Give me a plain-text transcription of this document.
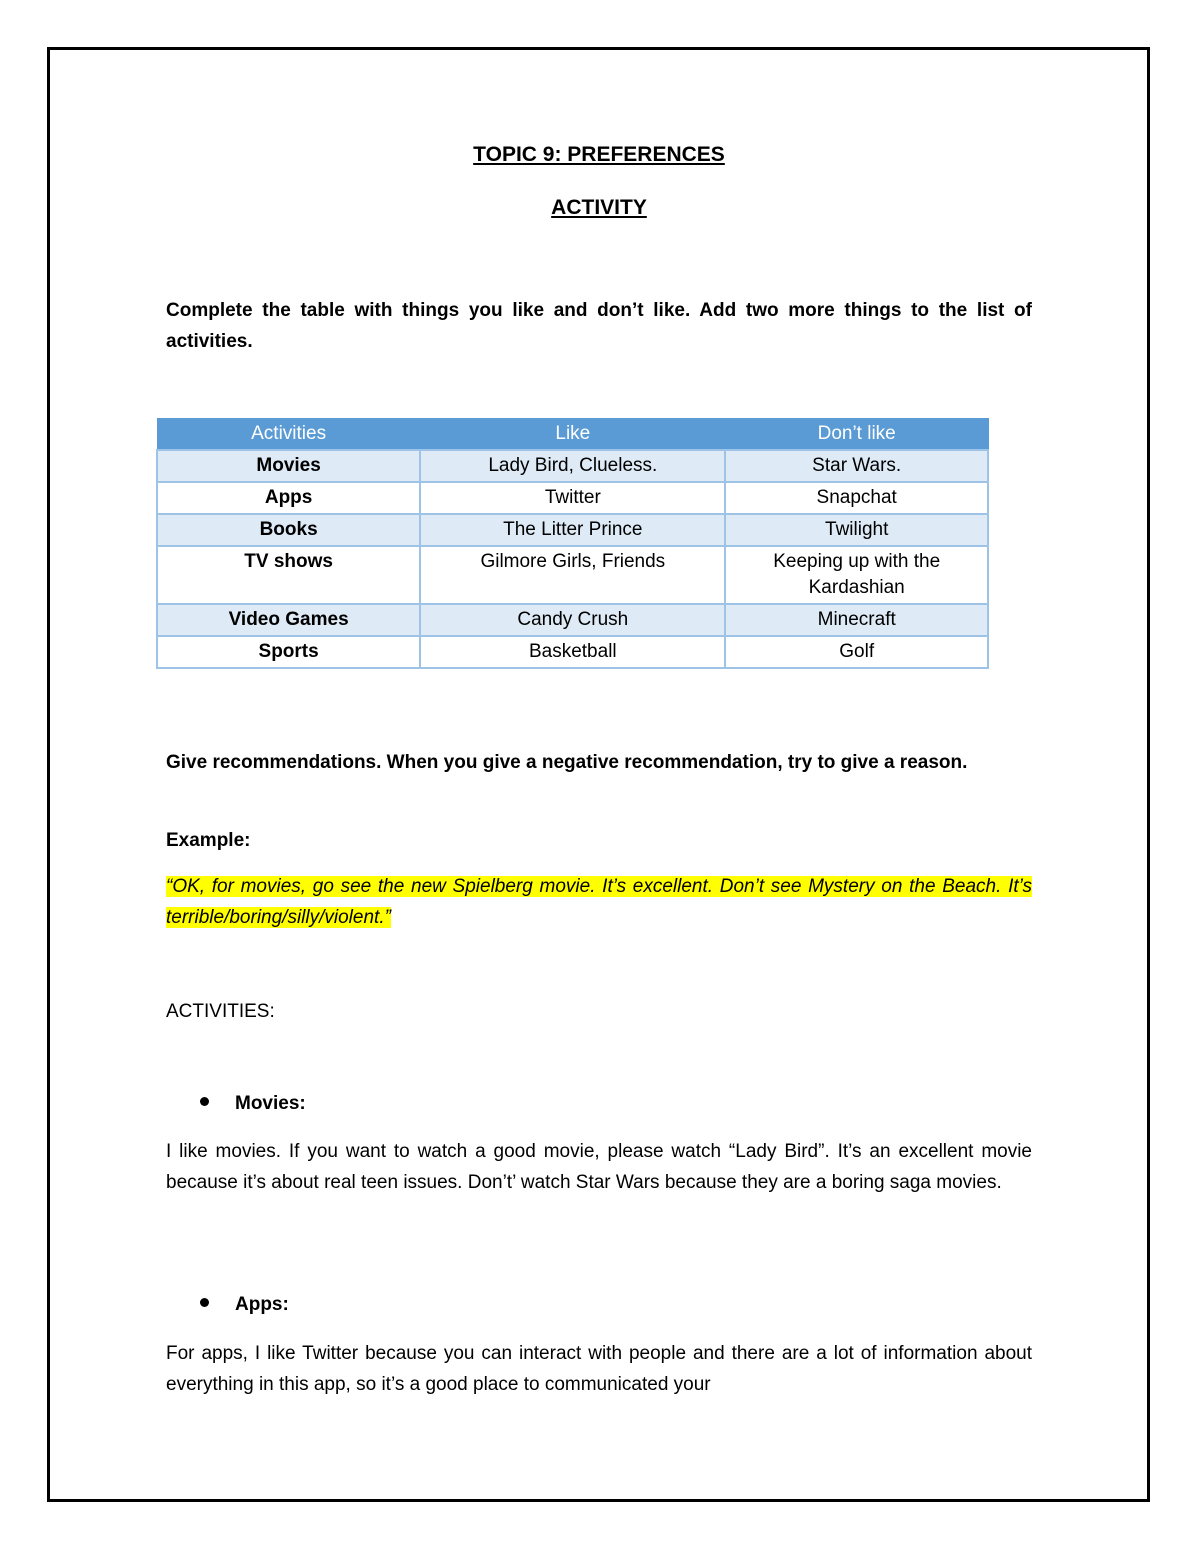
TOPIC 9: PREFERENCES
ACTIVITY
Complete the table with things you like and don’t like. Add two more things to the list of activities.
Give recommendations. When you give a negative recommendation, try to give a reason.
Example:
“OK, for movies, go see the new Spielberg movie. It’s excellent. Don’t see Mystery on the Beach. It’s terrible/boring/silly/violent.”
ACTIVITIES:
Movies:
I like movies. If you want to watch a good movie, please watch “Lady Bird”. It’s an excellent movie because it’s about real teen issues. Don’t’ watch Star Wars because they are a boring saga movies.
Apps:
For apps, I like Twitter because you can interact with people and there are a lot of information about everything in this app, so it’s a good place to communicated your
Activities	Like	Don’t like
Movies	Lady Bird, Clueless.	Star Wars.
Apps	Twitter	Snapchat
Books	The Litter Prince	Twilight
TV shows	Gilmore Girls, Friends	Keeping up with the Kardashian
Video Games	Candy Crush	Minecraft
Sports	Basketball	Golf
